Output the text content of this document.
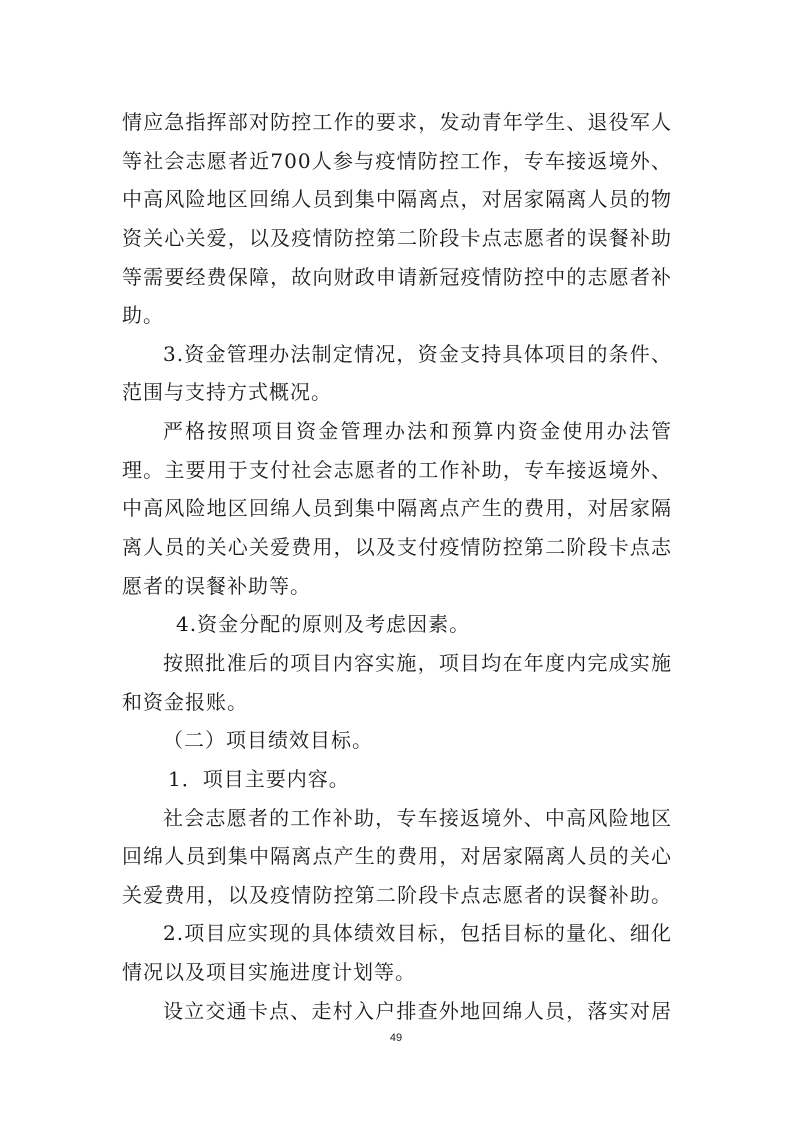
情应急指挥部对防控工作的要求，发动青年学生、退役军人
等社会志愿者近700人参与疫情防控工作，专车接返境外、
中高风险地区回绵人员到集中隔离点，对居家隔离人员的物
资关心关爱，以及疫情防控第二阶段卡点志愿者的误餐补助
等需要经费保障，故向财政申请新冠疫情防控中的志愿者补
助。
3.资金管理办法制定情况，资金支持具体项目的条件、
范围与支持方式概况。
严格按照项目资金管理办法和预算内资金使用办法管
理。主要用于支付社会志愿者的工作补助，专车接返境外、
中高风险地区回绵人员到集中隔离点产生的费用，对居家隔
离人员的关心关爱费用，以及支付疫情防控第二阶段卡点志
愿者的误餐补助等。
4.资金分配的原则及考虑因素。
按照批准后的项目内容实施，项目均在年度内完成实施
和资金报账。
（二）项目绩效目标。
1．项目主要内容。
社会志愿者的工作补助，专车接返境外、中高风险地区
回绵人员到集中隔离点产生的费用，对居家隔离人员的关心
关爱费用，以及疫情防控第二阶段卡点志愿者的误餐补助。
2.项目应实现的具体绩效目标，包括目标的量化、细化
情况以及项目实施进度计划等。
设立交通卡点、走村入户排查外地回绵人员，落实对居
49
